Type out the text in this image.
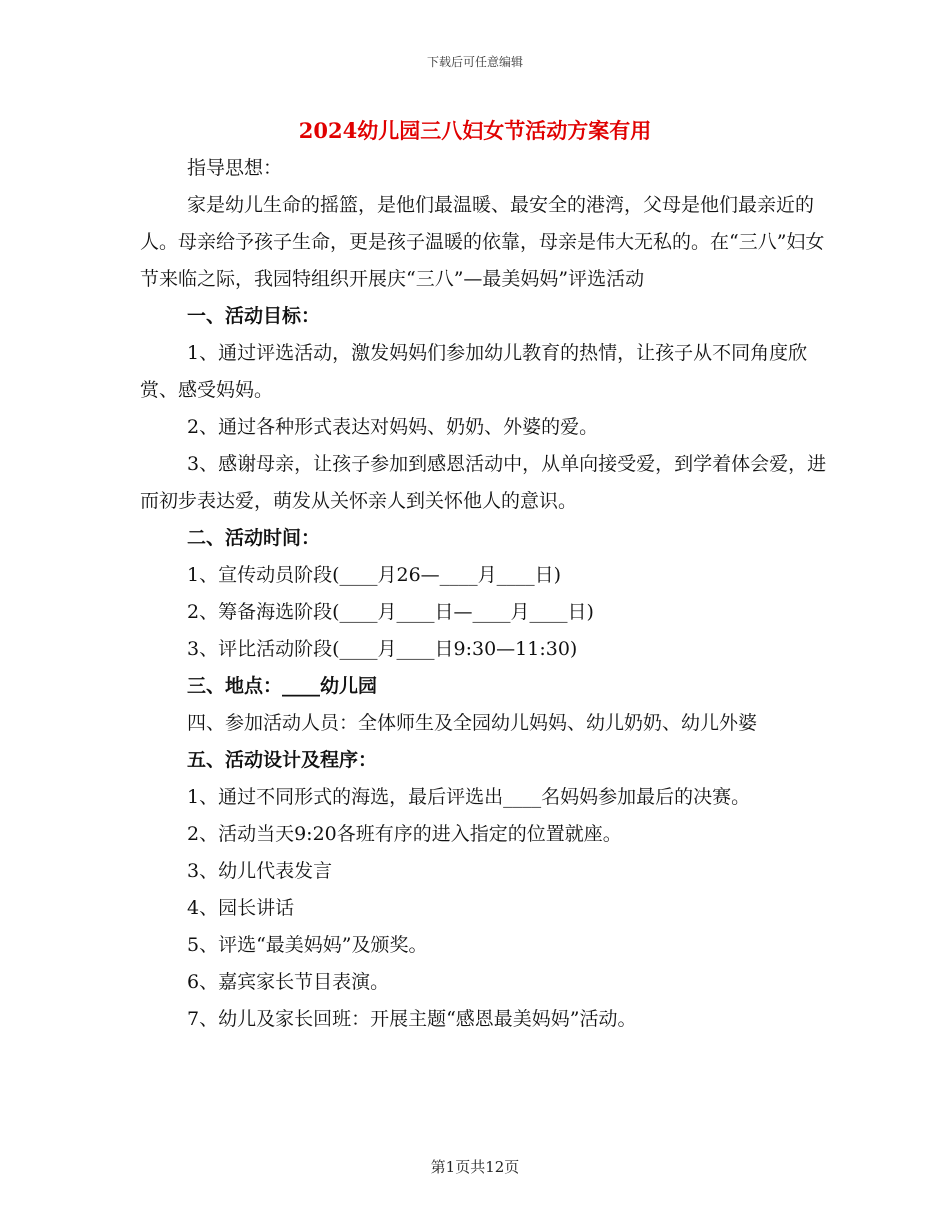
下载后可任意编辑
2024幼儿园三八妇女节活动方案有用

指导思想：

家是幼儿生命的摇篮，是他们最温暖、最安全的港湾，父母是他们最亲近的人。母亲给予孩子生命，更是孩子温暖的依靠，母亲是伟大无私的。在“三八”妇女节来临之际，我园特组织开展庆“三八”—最美妈妈”评选活动

一、活动目标：

1、通过评选活动，激发妈妈们参加幼儿教育的热情，让孩子从不同角度欣赏、感受妈妈。

2、通过各种形式表达对妈妈、奶奶、外婆的爱。

3、感谢母亲，让孩子参加到感恩活动中，从单向接受爱，到学着体会爱，进而初步表达爱，萌发从关怀亲人到关怀他人的意识。

二、活动时间：

1、宣传动员阶段(____月26—____月____日)

2、筹备海选阶段(____月____日—____月____日)

3、评比活动阶段(____月____日9:30—11:30)

三、地点：____幼儿园

四、参加活动人员：全体师生及全园幼儿妈妈、幼儿奶奶、幼儿外婆

五、活动设计及程序：

1、通过不同形式的海选，最后评选出____名妈妈参加最后的决赛。

2、活动当天9:20各班有序的进入指定的位置就座。

3、幼儿代表发言

4、园长讲话

5、评选“最美妈妈”及颁奖。

6、嘉宾家长节目表演。

7、幼儿及家长回班：开展主题“感恩最美妈妈”活动。

第1页共12页
